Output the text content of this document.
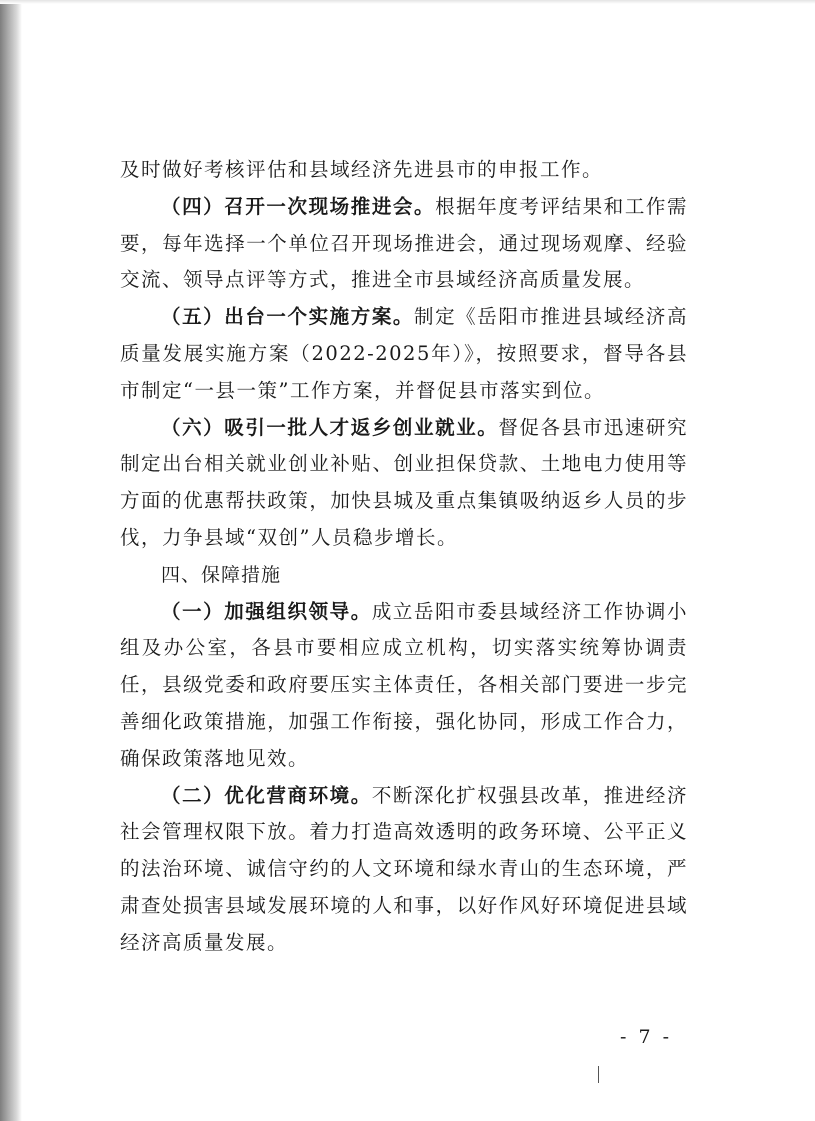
及时做好考核评估和县域经济先进县市的申报工作。

（四）召开一次现场推进会。根据年度考评结果和工作需要，每年选择一个单位召开现场推进会，通过现场观摩、经验交流、领导点评等方式，推进全市县域经济高质量发展。

（五）出台一个实施方案。制定《岳阳市推进县域经济高质量发展实施方案（2022-2025年）》，按照要求，督导各县市制定“一县一策”工作方案，并督促县市落实到位。

（六）吸引一批人才返乡创业就业。督促各县市迅速研究制定出台相关就业创业补贴、创业担保贷款、土地电力使用等方面的优惠帮扶政策，加快县城及重点集镇吸纳返乡人员的步伐，力争县域“双创”人员稳步增长。

四、保障措施

（一）加强组织领导。成立岳阳市委县域经济工作协调小组及办公室，各县市要相应成立机构，切实落实统筹协调责任，县级党委和政府要压实主体责任，各相关部门要进一步完善细化政策措施，加强工作衔接，强化协同，形成工作合力，确保政策落地见效。

（二）优化营商环境。不断深化扩权强县改革，推进经济社会管理权限下放。着力打造高效透明的政务环境、公平正义的法治环境、诚信守约的人文环境和绿水青山的生态环境，严肃查处损害县域发展环境的人和事，以好作风好环境促进县域经济高质量发展。

- 7 -
